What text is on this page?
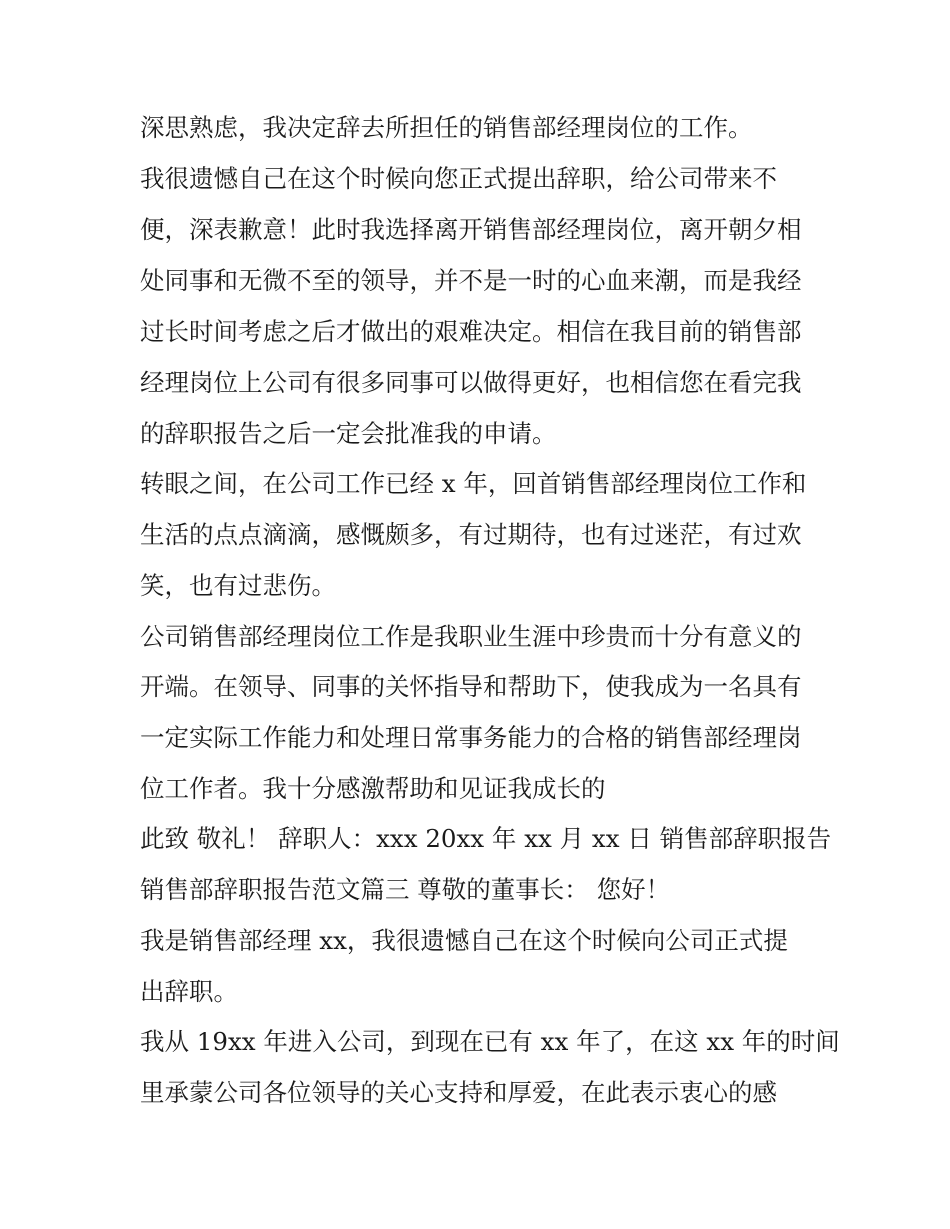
深思熟虑，我决定辞去所担任的销售部经理岗位的工作。
我很遗憾自己在这个时候向您正式提出辞职，给公司带来不
便，深表歉意！此时我选择离开销售部经理岗位，离开朝夕相
处同事和无微不至的领导，并不是一时的心血来潮，而是我经
过长时间考虑之后才做出的艰难决定。相信在我目前的销售部
经理岗位上公司有很多同事可以做得更好，也相信您在看完我
的辞职报告之后一定会批准我的申请。
转眼之间，在公司工作已经 x 年，回首销售部经理岗位工作和
生活的点点滴滴，感慨颇多，有过期待，也有过迷茫，有过欢
笑，也有过悲伤。
公司销售部经理岗位工作是我职业生涯中珍贵而十分有意义的
开端。在领导、同事的关怀指导和帮助下，使我成为一名具有
一定实际工作能力和处理日常事务能力的合格的销售部经理岗
位工作者。我十分感激帮助和见证我成长的
此致 敬礼！ 辞职人：xxx 20xx 年 xx 月 xx 日 销售部辞职报告
销售部辞职报告范文篇三 尊敬的董事长： 您好！
我是销售部经理 xx，我很遗憾自己在这个时候向公司正式提
出辞职。
我从 19xx 年进入公司，到现在已有 xx 年了，在这 xx 年的时间
里承蒙公司各位领导的关心支持和厚爱，在此表示衷心的感
